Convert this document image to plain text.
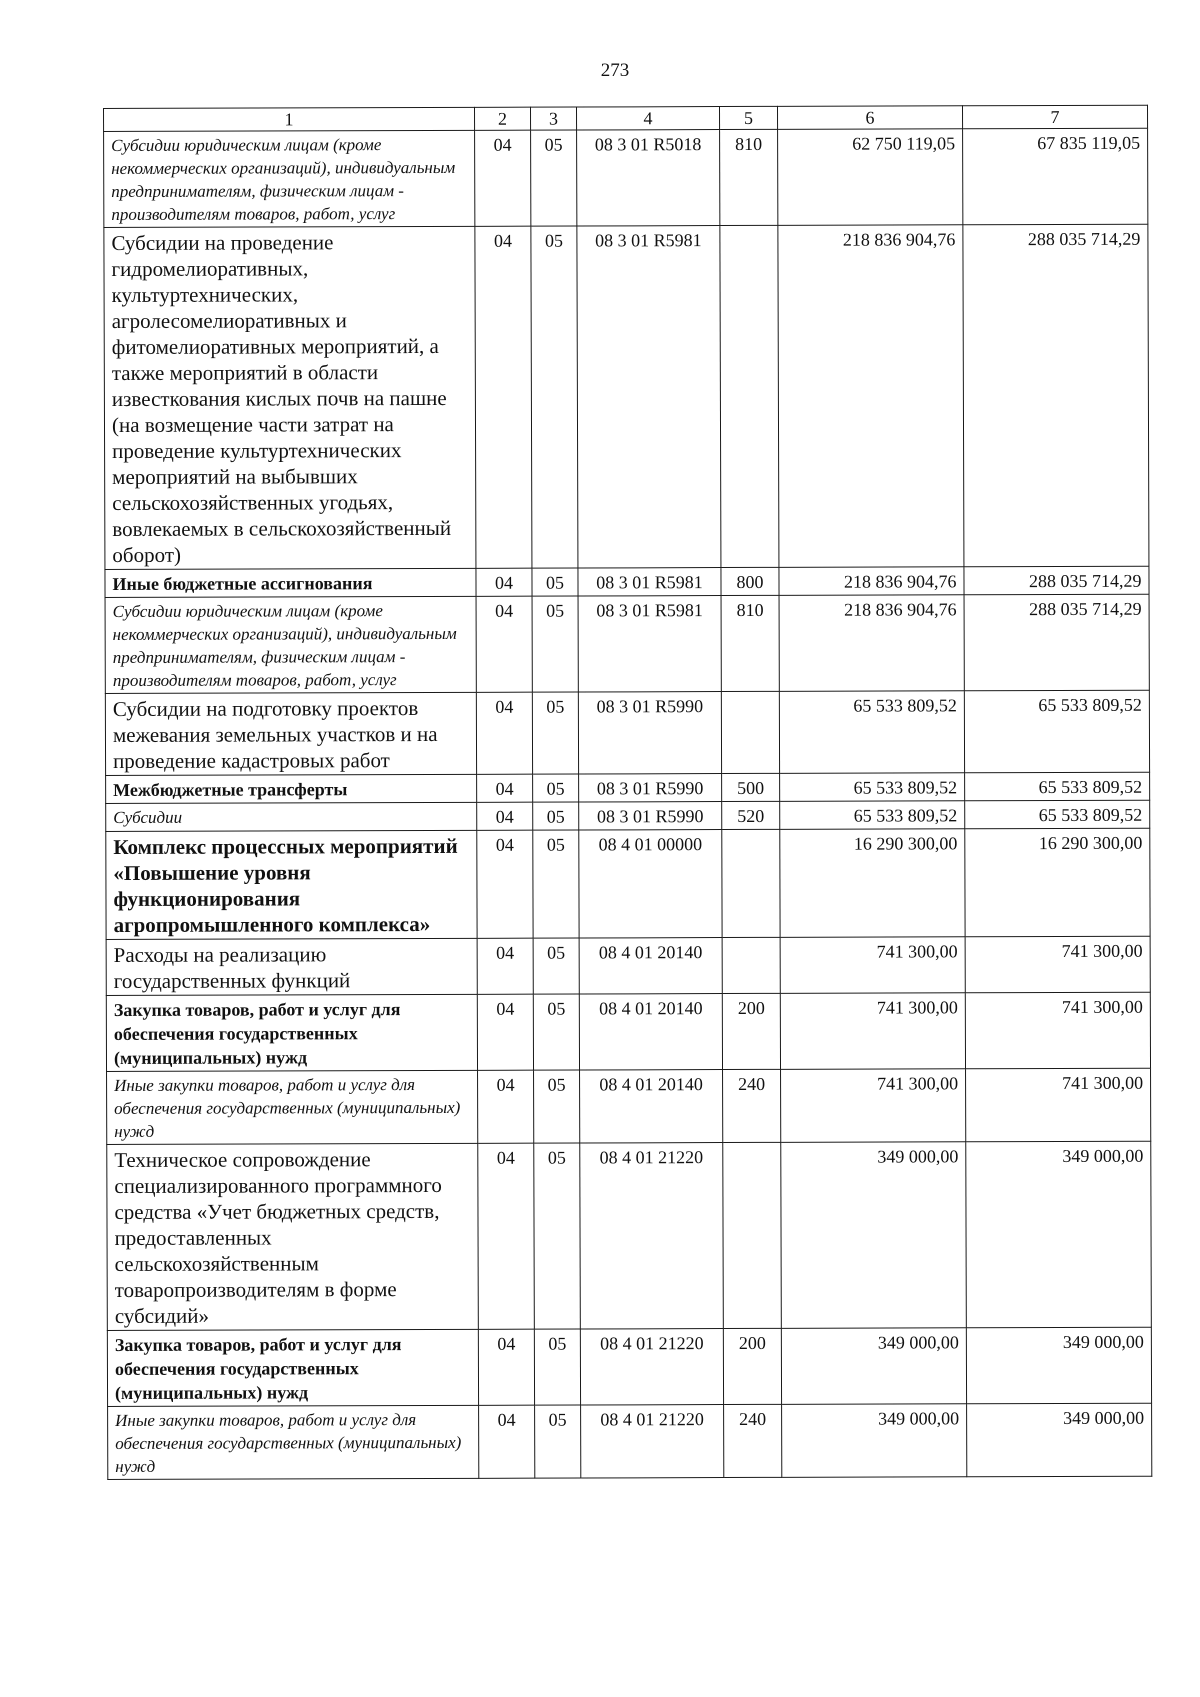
273
1	2	3	4	5	6	7
Субсидии юридическим лицам (кроме некоммерческих организаций), индивидуальным предпринимателям, физическим лицам - производителям товаров, работ, услуг	04	05	08 3 01 R5018	810	62 750 119,05	67 835 119,05
Субсидии на проведение гидромелиоративных, культуртехнических, агролесомелиоративных и фитомелиоративных мероприятий, а также мероприятий в области известкования кислых почв на пашне (на возмещение части затрат на проведение культуртехнических мероприятий на выбывших сельскохозяйственных угодьях, вовлекаемых в сельскохозяйственный оборот)	04	05	08 3 01 R5981		218 836 904,76	288 035 714,29
Иные бюджетные ассигнования	04	05	08 3 01 R5981	800	218 836 904,76	288 035 714,29
Субсидии юридическим лицам (кроме некоммерческих организаций), индивидуальным предпринимателям, физическим лицам - производителям товаров, работ, услуг	04	05	08 3 01 R5981	810	218 836 904,76	288 035 714,29
Субсидии на подготовку проектов межевания земельных участков и на проведение кадастровых работ	04	05	08 3 01 R5990		65 533 809,52	65 533 809,52
Межбюджетные трансферты	04	05	08 3 01 R5990	500	65 533 809,52	65 533 809,52
Субсидии	04	05	08 3 01 R5990	520	65 533 809,52	65 533 809,52
Комплекс процессных мероприятий «Повышение уровня функционирования агропромышленного комплекса»	04	05	08 4 01 00000		16 290 300,00	16 290 300,00
Расходы на реализацию государственных функций	04	05	08 4 01 20140		741 300,00	741 300,00
Закупка товаров, работ и услуг для обеспечения государственных (муниципальных) нужд	04	05	08 4 01 20140	200	741 300,00	741 300,00
Иные закупки товаров, работ и услуг для обеспечения государственных (муниципальных) нужд	04	05	08 4 01 20140	240	741 300,00	741 300,00
Техническое сопровождение специализированного программного средства «Учет бюджетных средств, предоставленных сельскохозяйственным товаропроизводителям в форме субсидий»	04	05	08 4 01 21220		349 000,00	349 000,00
Закупка товаров, работ и услуг для обеспечения государственных (муниципальных) нужд	04	05	08 4 01 21220	200	349 000,00	349 000,00
Иные закупки товаров, работ и услуг для обеспечения государственных (муниципальных) нужд	04	05	08 4 01 21220	240	349 000,00	349 000,00
